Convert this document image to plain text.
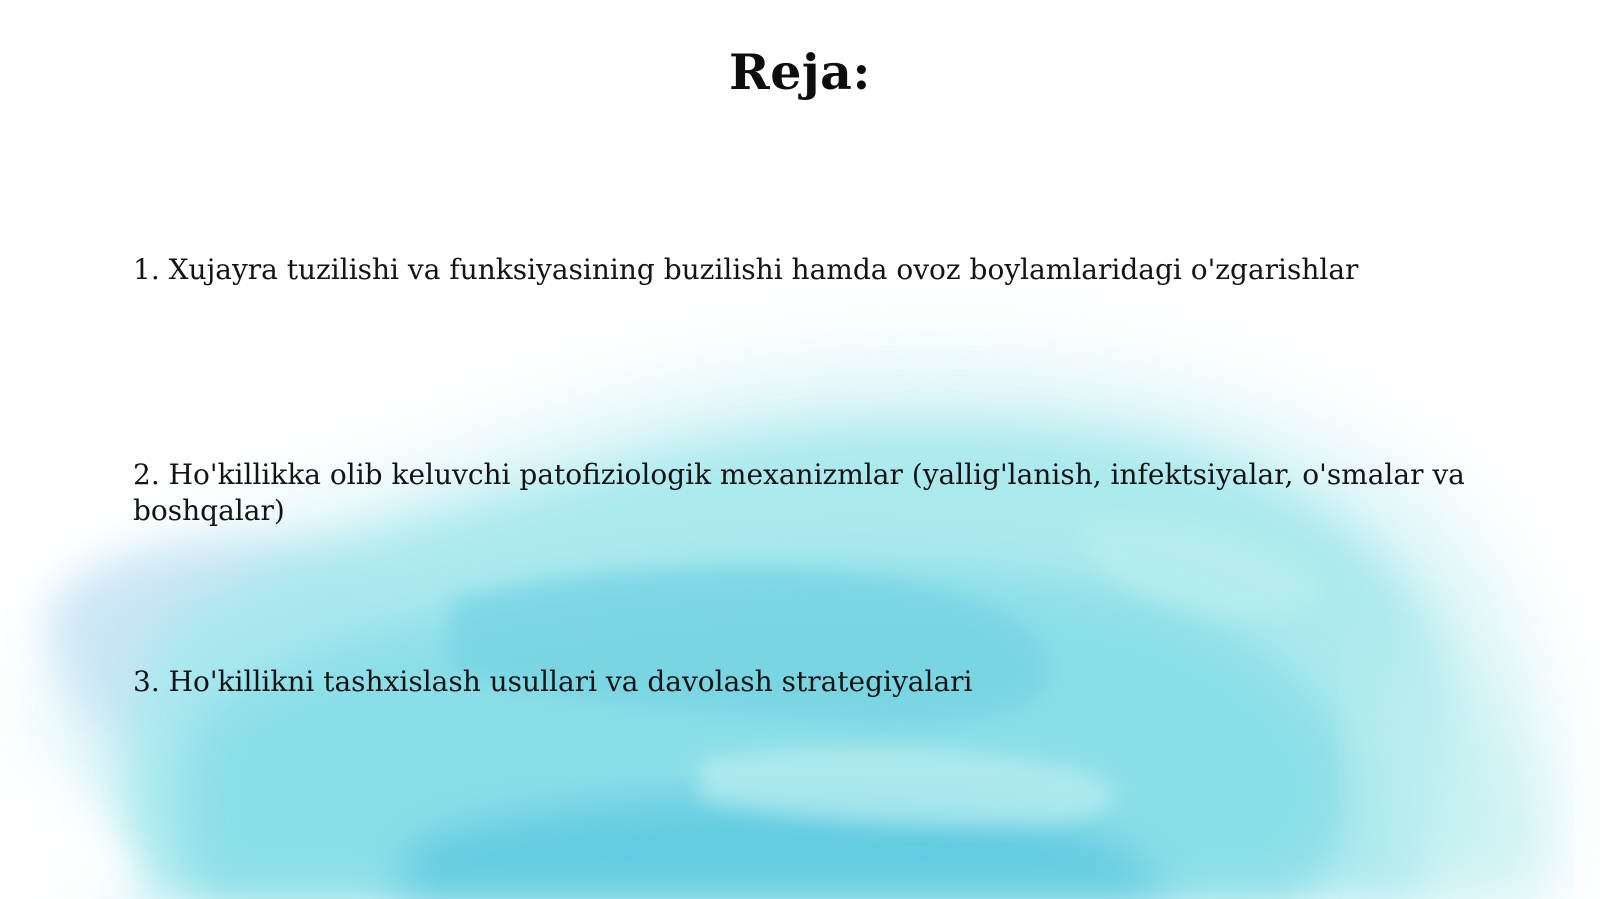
Reja:

1. Xujayra tuzilishi va funksiyasining buzilishi hamda ovoz boylamlaridagi o'zgarishlar

2. Ho'killikka olib keluvchi patofiziologik mexanizmlar (yallig'lanish, infektsiyalar, o'smalar va boshqalar)

3. Ho'killikni tashxislash usullari va davolash strategiyalari
